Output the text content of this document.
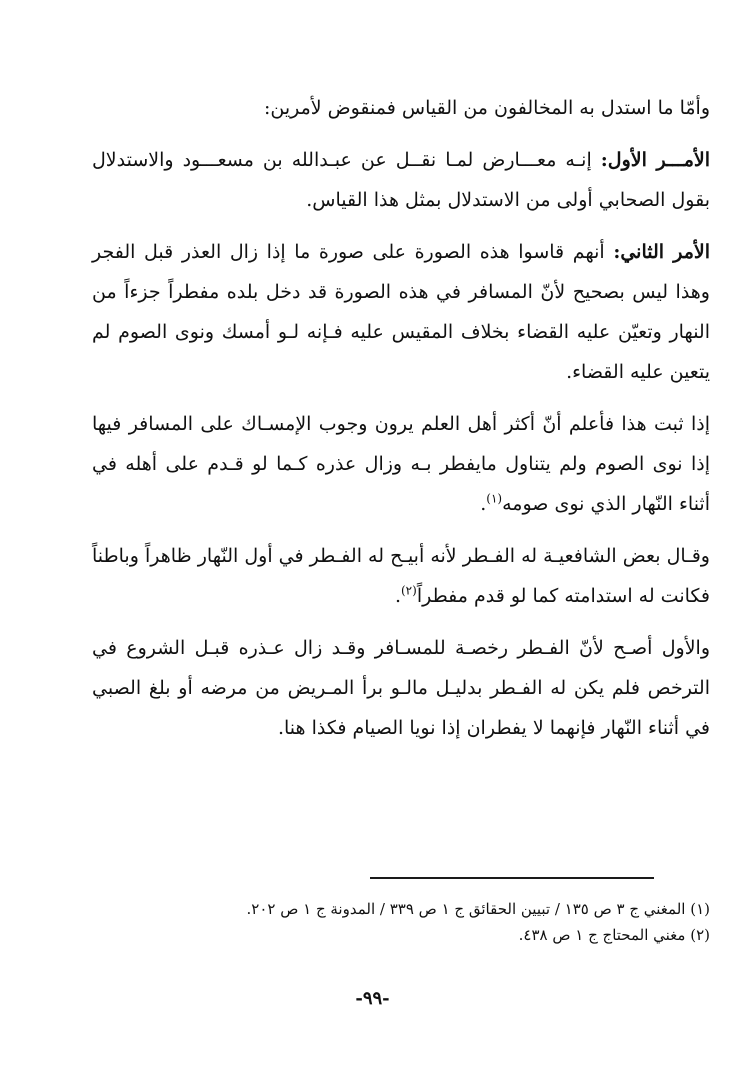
وأمّا ما استدل به المخالفون من القياس فمنقوض لأمرين:

الأمـــر الأول: إنـه معـــارض لمـا نقــل عن عبـدالله بن مسعـــود والاستدلال بقول الصحابي أولى من الاستدلال بمثل هذا القياس.

الأمر الثاني: أنهم قاسوا هذه الصورة على صورة ما إذا زال العذر قبل الفجر وهذا ليس بصحيح لأنّ المسافر في هذه الصورة قد دخل بلده مفطراً جزءاً من النهار وتعيّن عليه القضاء بخلاف المقيس عليه فـإنه لـو أمسك ونوى الصوم لم يتعين عليه القضاء.

إذا ثبت هذا فأعلم أنّ أكثر أهل العلم يرون وجوب الإمسـاك على المسافر فيها إذا نوى الصوم ولم يتناول مايفطر بـه وزال عذره كـما لو قـدم على أهله في أثناء النّهار الذي نوى صومه$^{(١)}$.

وقـال بعض الشافعيـة له الفـطر لأنه أبيـح له الفـطر في أول النّهار ظاهراً وباطناً فكانت له استدامته كما لو قدم مفطراً$^{(٢)}$.

والأول أصـح لأنّ الفـطر رخصـة للمسـافر وقـد زال عـذره قبـل الشروع في الترخص فلم يكن له الفـطر بدليـل مالـو برأ المـريض من مرضه أو بلغ الصبي في أثناء النّهار فإنهما لا يفطران إذا نويا الصيام فكذا هنا.

(١) المغني ج ٣ ص ١٣٥ / تبيين الحقائق ج ١ ص ٣٣٩ / المدونة ج ١ ص ٢٠٢.

(٢) مغني المحتاج ج ١ ص ٤٣٨.

-٩٩-
